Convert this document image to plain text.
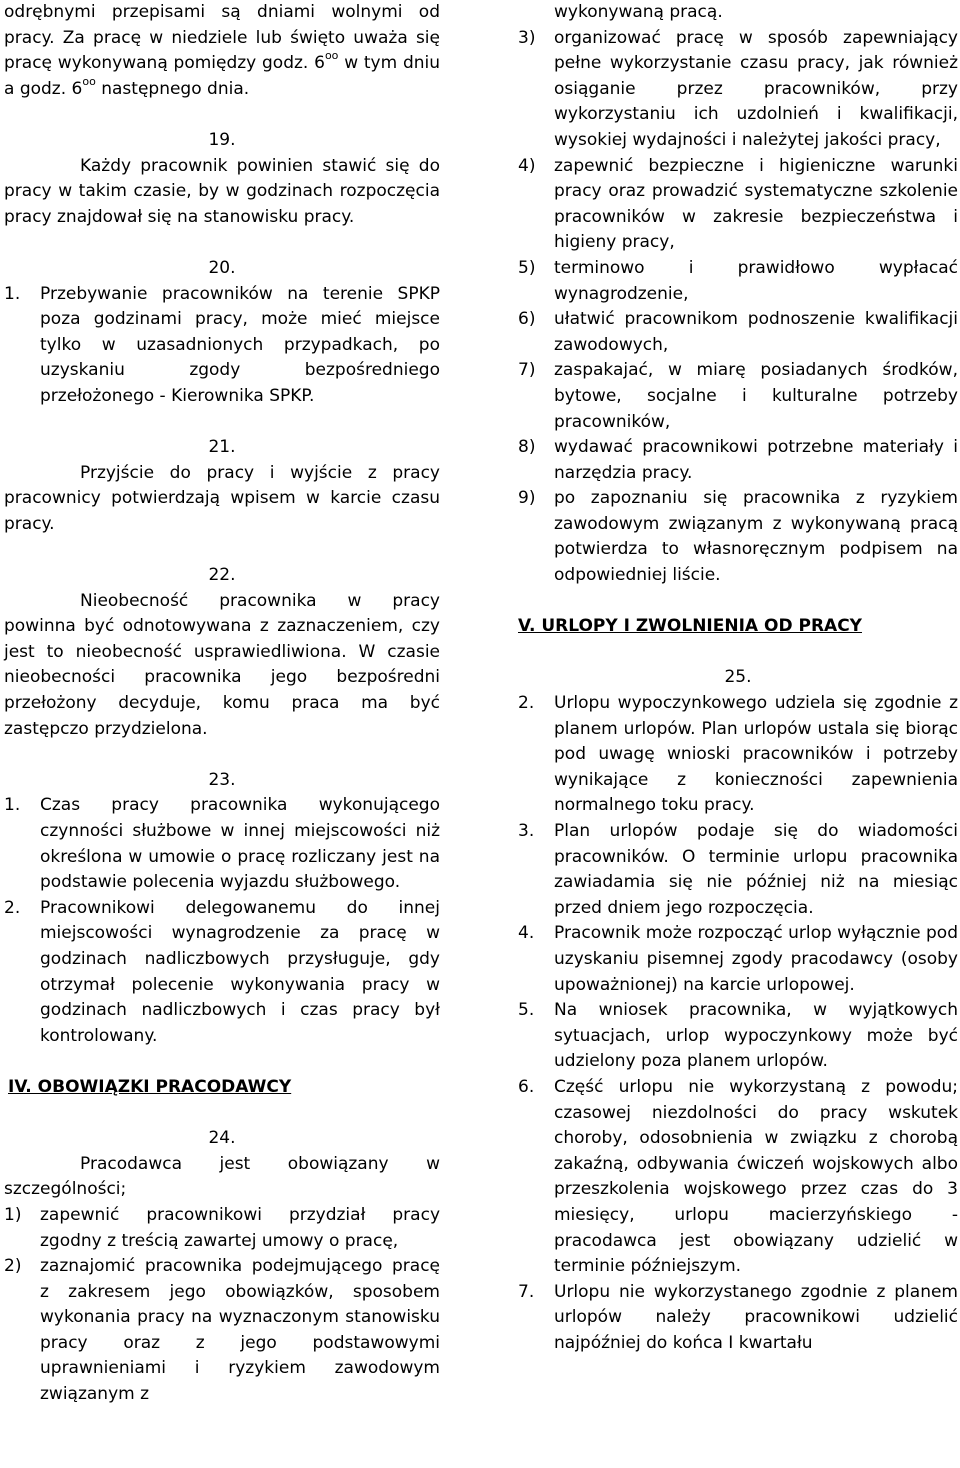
odrębnymi przepisami są dniami wolnymi od pracy. Za pracę w niedziele lub święto uważa się pracę wykonywaną pomiędzy godz. $6^{oo}$ w tym dniu a godz. $6^{oo}$ następnego dnia.

19.

Każdy pracownik powinien stawić się do pracy w takim czasie, by w godzinach rozpoczęcia pracy znajdował się na stanowisku pracy.

20.

1.	Przebywanie pracowników na terenie SPKP poza godzinami pracy, może mieć miejsce tylko w uzasadnionych przypadkach, po uzyskaniu zgody bezpośredniego przełożonego - Kierownika SPKP.

21.

Przyjście do pracy i wyjście z pracy pracownicy potwierdzają wpisem w karcie czasu pracy.

22.

Nieobecność pracownika w pracy powinna być odnotowywana z zaznaczeniem, czy jest to nieobecność usprawiedliwiona. W czasie nieobecności pracownika jego bezpośredni przełożony decyduje, komu praca ma być zastępczo przydzielona.

23.

1.	Czas pracy pracownika wykonującego czynności służbowe w innej miejscowości niż określona w umowie o pracę rozliczany jest na podstawie polecenia wyjazdu służbowego.
2.	Pracownikowi delegowanemu do innej miejscowości wynagrodzenie za pracę w godzinach nadliczbowych przysługuje, gdy otrzymał polecenie wykonywania pracy w godzinach nadliczbowych i czas pracy był kontrolowany.

IV. OBOWIĄZKI PRACODAWCY

24.

Pracodawca jest obowiązany w szczególności;

1)	zapewnić pracownikowi przydział pracy zgodny z treścią zawartej umowy o pracę,
2)	zaznajomić pracownika podejmującego pracę z zakresem jego obowiązków, sposobem wykonania pracy na wyznaczonym stanowisku pracy oraz z jego podstawowymi uprawnieniami i ryzykiem zawodowym związanym z

wykonywaną pracą.

3)	organizować pracę w sposób zapewniający pełne wykorzystanie czasu pracy, jak również osiąganie przez pracowników, przy wykorzystaniu ich uzdolnień i kwalifikacji, wysokiej wydajności i należytej jakości pracy,
4)	zapewnić bezpieczne i higieniczne warunki pracy oraz prowadzić systematyczne szkolenie pracowników w zakresie bezpieczeństwa i higieny pracy,
5)	terminowo i prawidłowo wypłacać wynagrodzenie,
6)	ułatwić pracownikom podnoszenie kwalifikacji zawodowych,
7)	zaspakajać, w miarę posiadanych środków, bytowe, socjalne i kulturalne potrzeby pracowników,
8)	wydawać pracownikowi potrzebne materiały i narzędzia pracy.
9)	po zapoznaniu się pracownika z ryzykiem zawodowym związanym z wykonywaną pracą potwierdza to własnoręcznym podpisem na odpowiedniej liście.

V. URLOPY I ZWOLNIENIA OD PRACY

25.

2.	Urlopu wypoczynkowego udziela się zgodnie z planem urlopów. Plan urlopów ustala się biorąc pod uwagę wnioski pracowników i potrzeby wynikające z konieczności zapewnienia normalnego toku pracy.
3.	Plan urlopów podaje się do wiadomości pracowników. O terminie urlopu pracownika zawiadamia się nie później niż na miesiąc przed dniem jego rozpoczęcia.
4.	Pracownik może rozpocząć urlop wyłącznie pod uzyskaniu pisemnej zgody pracodawcy (osoby upoważnionej) na karcie urlopowej.
5.	Na wniosek pracownika, w wyjątkowych sytuacjach, urlop wypoczynkowy może być udzielony poza planem urlopów.
6.	Część urlopu nie wykorzystaną z powodu; czasowej niezdolności do pracy wskutek choroby, odosobnienia w związku z chorobą zakaźną, odbywania ćwiczeń wojskowych albo przeszkolenia wojskowego przez czas do 3 miesięcy, urlopu macierzyńskiego - pracodawca jest obowiązany udzielić w terminie późniejszym.
7.	Urlopu nie wykorzystanego zgodnie z planem urlopów należy pracownikowi udzielić najpóźniej do końca I kwartału
